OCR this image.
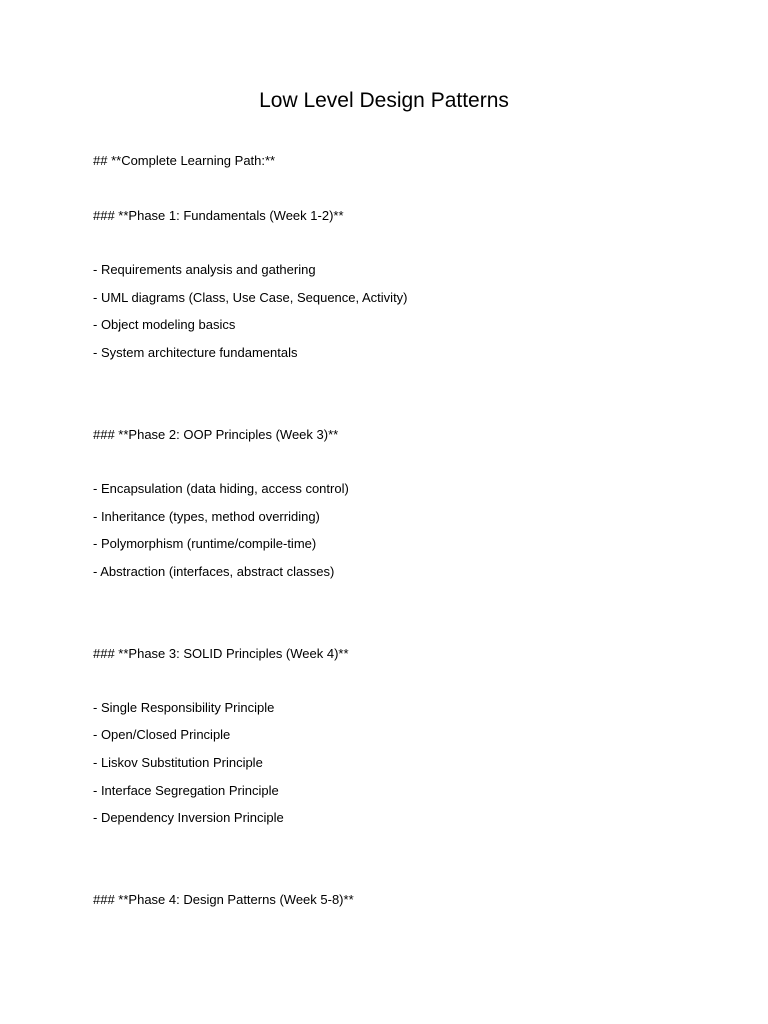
Low Level Design Patterns
## **Complete Learning Path:**
### **Phase 1: Fundamentals (Week 1-2)**
- Requirements analysis and gathering
- UML diagrams (Class, Use Case, Sequence, Activity)
- Object modeling basics
- System architecture fundamentals
### **Phase 2: OOP Principles (Week 3)**
- Encapsulation (data hiding, access control)
- Inheritance (types, method overriding)
- Polymorphism (runtime/compile-time)
- Abstraction (interfaces, abstract classes)
### **Phase 3: SOLID Principles (Week 4)**
- Single Responsibility Principle
- Open/Closed Principle
- Liskov Substitution Principle
- Interface Segregation Principle
- Dependency Inversion Principle
### **Phase 4: Design Patterns (Week 5-8)**
